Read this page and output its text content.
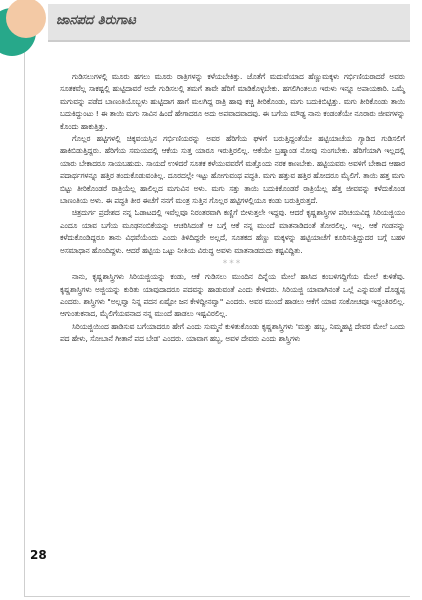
ಜಾನಪದ ತಿರುಗಾಟ

ಗುಡಿಸಲುಗಳಲ್ಲಿ ಮೂರು ಹಗಲು ಮೂರು ರಾತ್ರಿಗಳನ್ನು ಕಳೆಯಬೇಕಿತ್ತು. ಜೊತೆಗೆ ಮದುವೆಯಾದ ಹೆಣ್ಣುಮಕ್ಕಳು ಗರ್ಭಿಣಿಯರಾದರೆ ಅವರು ಸೂತಕವೆಲ್ಲ ಸಾಕಷ್ಟಲ್ಲಿ ಹುಟ್ಟಿದಾವರೆ ಅದೇ ಗುಡಿಸಲಲ್ಲಿ ತಮಗೆ ತಾವೇ ಹೆರಿಗೆ ಮಾಡಿಕೊಳ್ಳಬೇಕು. ಹಗಲಿಗಿಂತಲೂ ಇರುಳು ಇನ್ನೂ ಅಪಾಯಕಾರಿ. ಒಮ್ಮೆ ಮಗುವನ್ನು ಪಡೆದ ಬಾಣಂತಿಯೊಬ್ಬಳು ಹುಟ್ಟಿದಾಗ ಹಾಗೆ ಮಲಗಿದ್ದ ರಾತ್ರಿ ಹಾವು ಕಚ್ಚಿ ತೀರಿಕೊಂಡು, ಮಗು ಬದುಕಿಬಿಟ್ಟಿತ್ತು. ಮಗು ತೀರಿಕೊಂಡು ತಾಯಿ ಬದುಕಿದ್ದುಂಟು ! ಈ ತಾಯಿ ಮಗು ಸಾವಿನ ಹಿಂದೆ ಹೇಗಾದರೂ ಅದು ಅಪವಾದವಾದವು. ಈ ಬಗೆಯ ಮೌಢ್ಯ ನಾನು ಕಂಡಂತೆಯೇ ನೂರಾರು ಜೀವಗಳನ್ನು ಕೊಂದು ಹಾಕುತ್ತಿತ್ತು.

ಗೊಲ್ಲರ ಹಟ್ಟಿಗಳಲ್ಲಿ ಚಿಕ್ಕವಯಸ್ಸಿನ ಗರ್ಭಿಣಿಯರನ್ನು ಅವರ ಹೆರಿಗೆಯ ಘಳಿಗೆ ಬರುತ್ತಿದ್ದಂತೆಯೇ ಹಟ್ಟಿಯಾಚೆಯ ಗ್ಯಾಡಿದ ಗುಡಿಸಲಿಗೆ ಹಾಕಿಬಿಡುತ್ತಿದ್ದರು. ಹೆರಿಗೆಯ ಸಮಯದಲ್ಲಿ ಆಕೆಯ ಸುತ್ತ ಯಾರೂ ಇರುತ್ತಿರಲಿಲ್ಲ. ಆಕೆಯೇ ಬ್ರಹ್ಮಾಂಡ ನೋವು ನುಂಗಬೇಕು. ಹೆರಿಗೆಯಾಗಿ ಇಲ್ಲದಲ್ಲಿ ಯಾರು ಬೇಕಾದರೂ ಸಾಯಬಹುದು. ಸಾಯದೆ ಉಳಿದರೆ ಸೂತಕ ಕಳೆಯುವವರೆಗೆ ಮತ್ತೊಂದು ನರಕ ಕಾಣಬೇಕು. ಹಟ್ಟಿಯವರು ಅವಳಿಗೆ ಬೇಕಾದ ಆಹಾರ ಪದಾರ್ಥಗಳನ್ನೂ ಹತ್ತಿರ ತಂದುಕೊಡುವಂತಿಲ್ಲ. ದೂರದಲ್ಲೇ ಇಟ್ಟು ಹೋಗುವಂಥ ಪದ್ಧತಿ. ಮಗು ಹತ್ತುವ ಹತ್ತಿರ ಹೋದರೂ ಮೈಲಿಗೆ. ತಾಯಿ ಹತ್ತ ಮಗು ಬಿಟ್ಟು ತೀರಿಕೊಂಡರೆ ರಾತ್ರಿಯೆಲ್ಲ ಹಾಲಿಲ್ಲದ ಮಗುವಿನ ಅಳು. ಮಗು ಸತ್ತು ತಾಯಿ ಬದುಕಿಕೊಂಡರೆ ರಾತ್ರಿಯೆಲ್ಲ ಹೆತ್ತ ಜೀವವನ್ನು ಕಳೆದುಕೊಂಡ ಬಾಣಂತಿಯ ಅಳು. ಈ ಪದ್ಧತಿ ತೀರ ಈಚೆಗೆ ನನಗೆ ಮಂತ್ರ ಸುತ್ತಿನ ಗೊಲ್ಲರ ಹಟ್ಟಿಗಳಲ್ಲಿಯೂ ಕಂಡು ಬರುತ್ತಿರುತ್ತದೆ.

ಚಿತ್ರದುರ್ಗ ಪ್ರದೇಶದ ನನ್ನ ಓಡಾಟದಲ್ಲಿ ಇವೆಲ್ಲವೂ ನಿರಂತರವಾಗಿ ಕಣ್ಣಿಗೆ ಬೀಳುತ್ತಲೇ ಇದ್ದವು. ಆದರೆ ಕೃಷ್ಣಶಾಸ್ತ್ರಿಗಳ ಪರಿಚಯವಿದ್ದ ಸಿರಿಯಜ್ಜಿಯಂ ಎಂದೂ ಯಾವ ಬಗೆಯ ಮೂಢನಂಬಿಕೆಯನ್ನು ಆಚರಿಸಿದಂತೆ ಆ ಬಗ್ಗೆ ಆಕೆ ನನ್ನ ಮುಂದೆ ಮಾತನಾಡಿದಂತೆ ತೋರಲಿಲ್ಲ. ಇಲ್ಲ. ಆಕೆ ಗಂಡನನ್ನು ಕಳೆದುಕೊಂಡಿದ್ದರೂ ತಾನು ವಿಧವೆಯೆಂದು ಎಂದು ತಿಳಿದಿದ್ದರೇ ಅಲ್ಲದೆ, ಸೂತಕದ ಹೆಣ್ಣು ಮಕ್ಕಳನ್ನು ಹಟ್ಟಿಯಾಚೆಗೆ ಕೂರಿಸುತ್ತಿದ್ದುದರ ಬಗ್ಗೆ ಬಹಳ ಅಸಮಾಧಾನ ಹೊಂದಿದ್ದಳು. ಆದರೆ ಹಟ್ಟಿಯ ಒಟ್ಟು ನೀತಿಯ ವಿರುದ್ಧ ಅವಳು ಮಾತನಾಡದುದು ಕಷ್ಟವಿದ್ದಿತು.

***

ನಾನು, ಕೃಷ್ಣಶಾಸ್ತ್ರಿಗಳು ಸಿರಿಯಜ್ಜಿಯನ್ನು ಕಂಡು, ಆಕೆ ಗುಡಿಸಲು ಮುಂದಿನ ದಿನ್ನೆಯ ಮೇಲೆ ಹಾಸಿದ ಕಂಬಳಿಗದ್ದಿಗೆಯ ಮೇಲೆ ಕುಳಿತೆವು. ಕೃಷ್ಣಶಾಸ್ತ್ರಿಗಳು ಅಜ್ಜಿಯನ್ನು ಕುರಿತು ಯಾವುದಾದರೂ ಪದವನ್ನು ಹಾಡುವಂತೆ ಎಂದು ಕೇಳಿದರು. ಸಿರಿಯಜ್ಜಿ ಯಾವಾಗಿನಂತೆ ಒಲ್ಲೆ ಎನ್ನುವಂತೆ ದೊಡ್ಡಪ್ಪ ಎಂದರು. ಶಾಸ್ತ್ರಿಗಳು "ಅಲ್ಲವ್ವಾ ನಿನ್ನ ಪದನ ಏಷ್ಟೋ ಜನ ಕೇಳಿದ್ದೀನವ್ವಾ" ಎಂದರು. ಅವರ ಮುಂದೆ ಹಾಡಲು ಆಕೆಗೆ ಯಾವ ಸಂಕೋಚವೂ ಇದ್ದಂತಿರಲಿಲ್ಲ. ಆಗುಂತುಕನಾದ, ಮೈಲಿಗೆಯವನಾದ ನನ್ನ ಮುಂದೆ ಹಾಡಲು ಇಷ್ಟವಿರಲಿಲ್ಲ.

ಸಿರಿಯಜ್ಜಿಯಿಂದ ಹಾಡಿಸುವ ಬಗೆಯಾದರೂ ಹೇಗೆ ಎಂದು ಸುಮ್ಮನೆ ಕುಳಿತುಕೊಂಡು ಕೃಷ್ಣಶಾಸ್ತ್ರಿಗಳು 'ಮತ್ತು ಹಬ್ಬ, ನಿಮ್ಮಹಟ್ಟಿ ದೇವರ ಮೇಲೆ ಒಂದು ಪದ ಹೇಳು, ಸೋಬಾನೆ ಗೀತಾನೆ ಪದ ಬೇಡ' ಎಂದರು. ಯಾವಾಗ ಹಬ್ಬ, ಅವಳ ದೇವರು ಎಂದು ಶಾಸ್ತ್ರಿಗಳು

28
